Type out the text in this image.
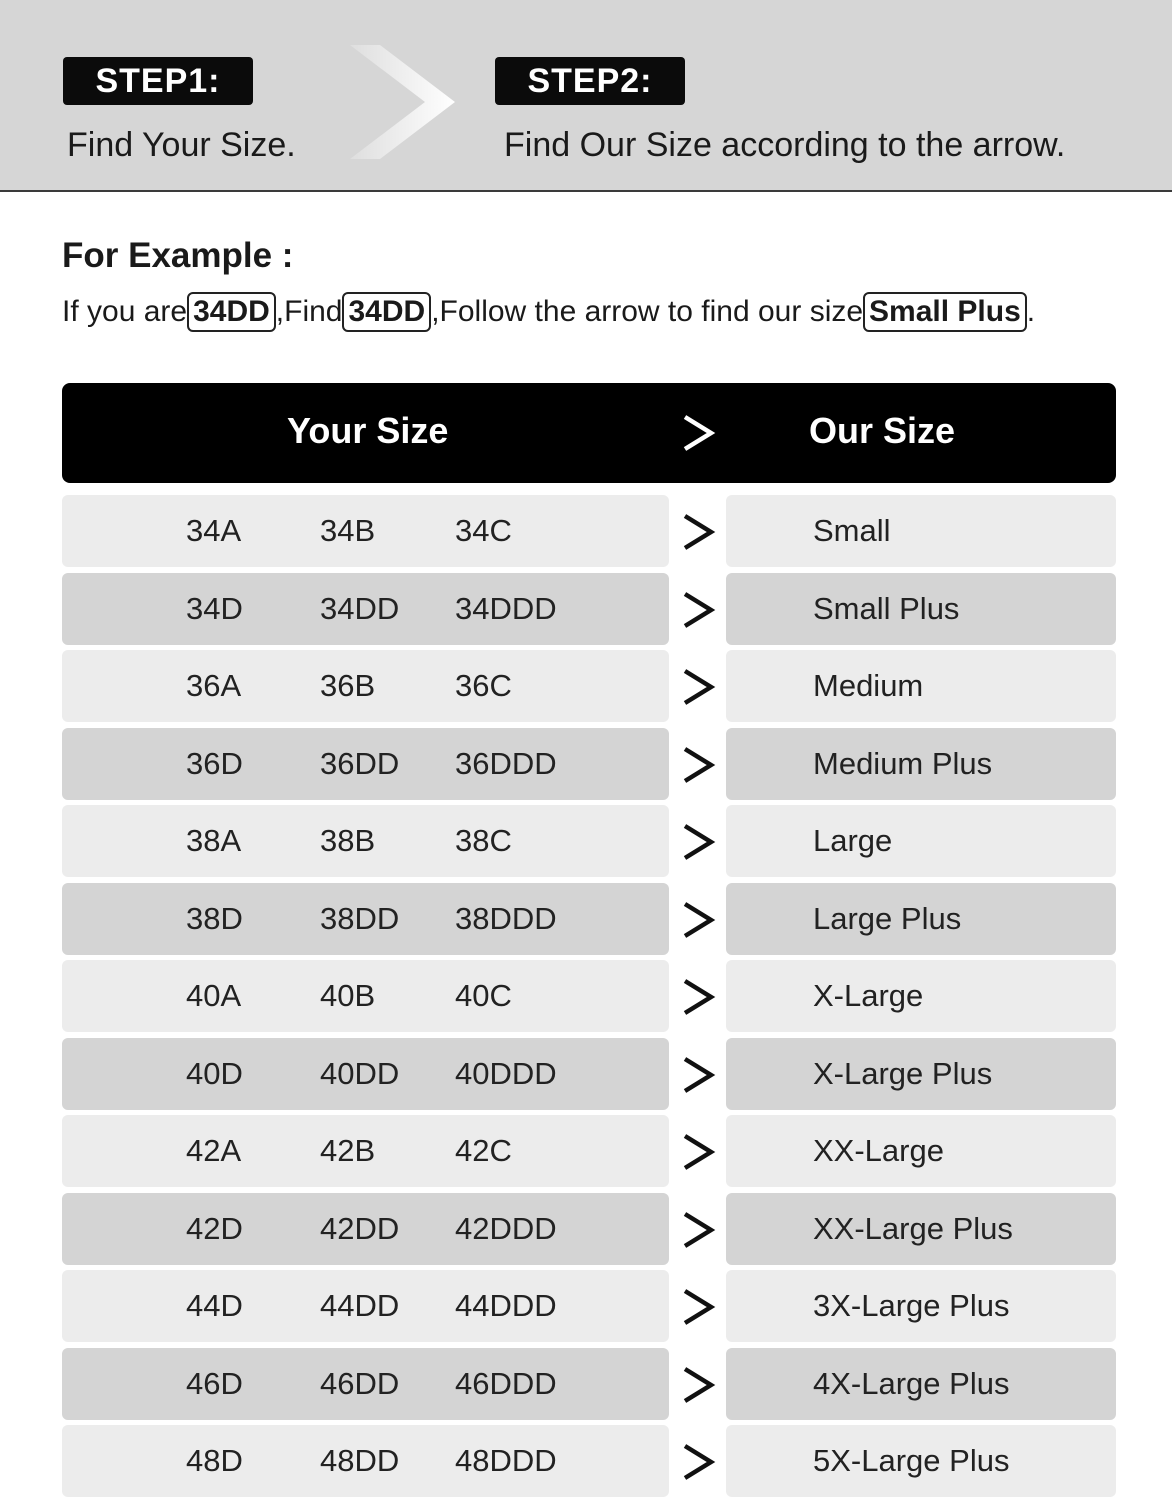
STEP1:
Find Your Size.
STEP2:
Find Our Size according to the arrow.
For Example :
If you are 34DD ,Find 34DD ,Follow the arrow to find our size Small Plus .
Your Size	Our Size
34A	34B	34C	Small
34D 34DD 34DDD	Small Plus
36A	36B	36C	Medium
36D 36DD 36DDD	Medium Plus
38A	38B	38C	Large
38D 38DD 38DDD	Large Plus
40A	40B	40C	X-Large
40D 40DD 40DDD	X-Large Plus
42A	42B	42C	XX-Large
42D 42DD 42DDD	XX-Large Plus
44D 44DD 44DDD	3X-Large Plus
46D 46DD 46DDD	4X-Large Plus
48D 48DD 48DDD	5X-Large Plus
